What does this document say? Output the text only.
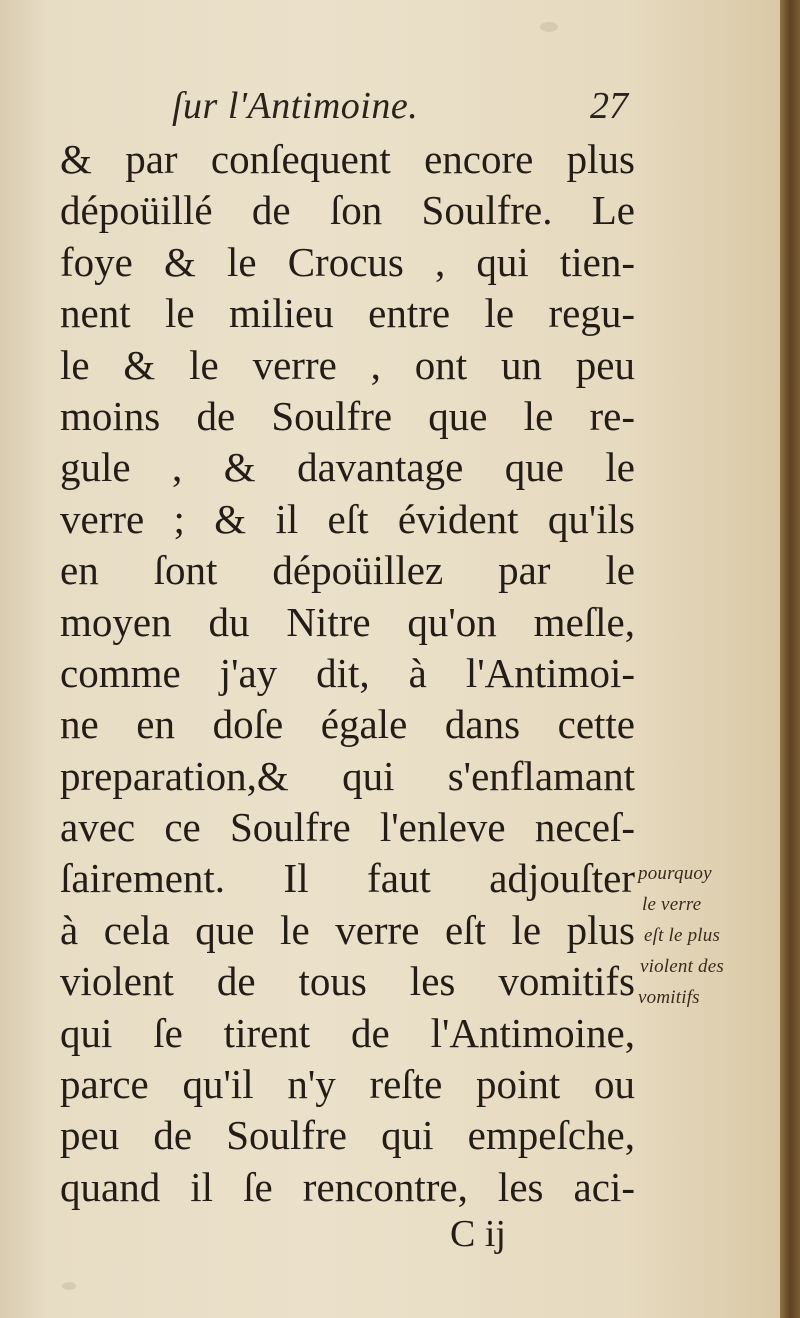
ſur l'Antimoine.	27
& par conſequent encore plus
dépoüillé de ſon Soulfre. Le
foye & le Crocus , qui tien-
nent le milieu entre le regu-
le & le verre , ont un peu
moins de Soulfre que le re-
gule , & davantage que le
verre ; & il eſt évident qu'ils
en ſont dépoüillez par le
moyen du Nitre qu'on meſle,
comme j'ay dit, à l'Antimoi-
ne en doſe égale dans cette
preparation,& qui s'enflamant
avec ce Soulfre l'enleve neceſ-
ſairement. Il faut adjouſter
à cela que le verre eſt le plus
violent de tous les vomitifs
qui ſe tirent de l'Antimoine,
parce qu'il n'y reſte point ou
peu de Soulfre qui empeſche,
quand il ſe rencontre, les aci-
C ij
pourquoy
le verre
eſt le plus
violent des
vomitifs
